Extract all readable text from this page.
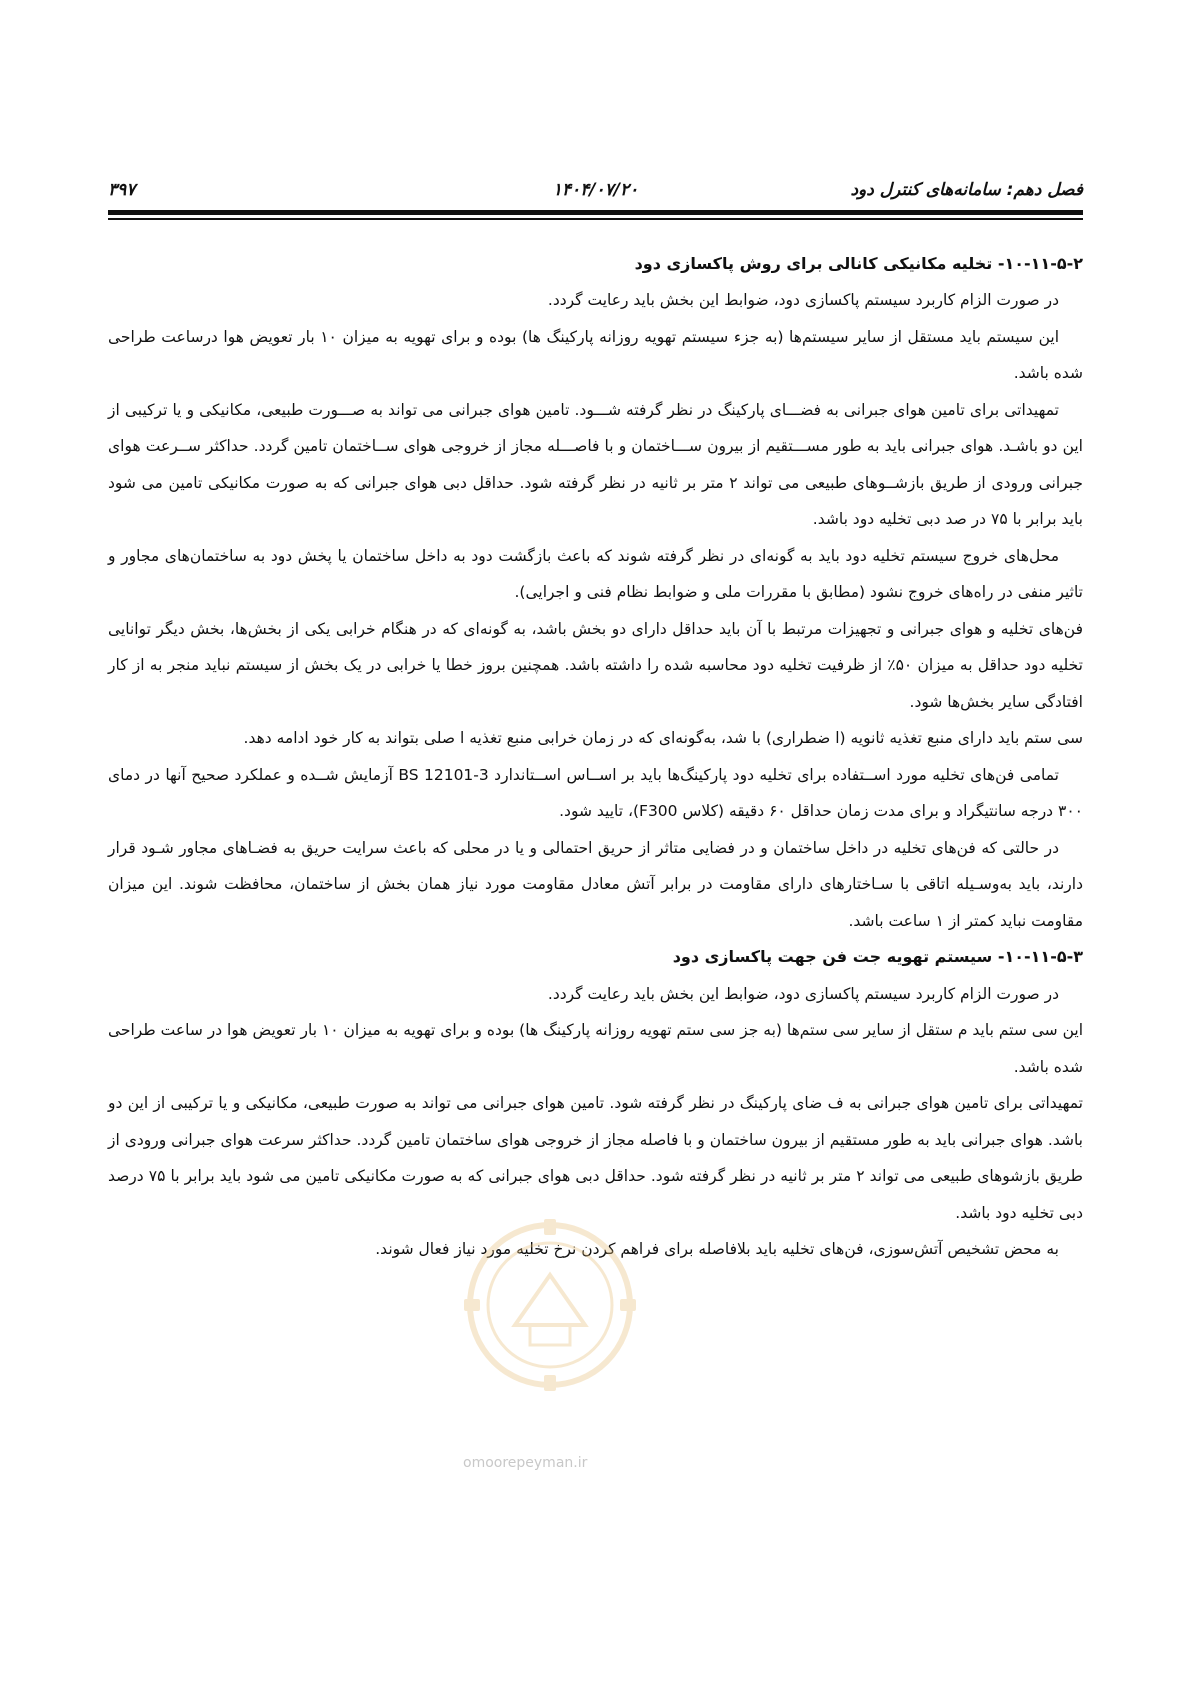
فصل دهم: سامانه‌های کنترل دود
۱۴۰۴/۰۷/۲۰
۳۹۷

۱۰-۱۱-۵-۲- تخلیه مکانیکی کانالی برای روش پاکسازی دود

در صورت الزام کاربرد سیستم پاکسازی دود، ضوابط این بخش باید رعایت گردد.

این سیستم باید مستقل از سایر سیستم‌ها (به جزء سیستم تهویه روزانه پارکینگ ها) بوده و برای تهویه به میزان ۱۰ بار تعویض هوا درساعت طراحی شده باشد.

تمهیداتی برای تامین هوای جبرانی به فضـــای پارکینگ در نظر گرفته شـــود. تامین هوای جبرانی می تواند به صـــورت طبیعی، مکانیکی و یا ترکیبی از این دو باشـد. هوای جبرانی باید به طور مســـتقیم از بیرون ســـاختمان و با فاصـــله مجاز از خروجی هوای ســاختمان تامین گردد. حداکثر ســرعت هوای جبرانی ورودی از طریق بازشــوهای طبیعی می تواند ۲ متر بر ثانیه در نظر گرفته شود. حداقل دبی هوای جبرانی که به صورت مکانیکی تامین می شود باید برابر با ۷۵ در صد دبی تخلیه دود باشد.

محل‌های خروج سیستم تخلیه دود باید به گونه‌ای در نظر گرفته شوند که باعث بازگشت دود به داخل ساختمان یا پخش دود به ساختمان‌های مجاور و تاثیر منفی در راه‌های خروج نشود (مطابق با مقررات ملی و ضوابط نظام فنی و اجرایی).

فن‌های تخلیه و هوای جبرانی و تجهیزات مرتبط با آن باید حداقل دارای دو بخش باشد، به گونه‌ای که در هنگام خرابی یکی از بخش‌ها، بخش دیگر توانایی تخلیه دود حداقل به میزان ۵۰٪ از ظرفیت تخلیه دود محاسبه شده را داشته باشد. همچنین بروز خطا یا خرابی در یک بخش از سیستم نباید منجر به از کار افتادگی سایر بخش‌ها شود.

سی ستم باید دارای منبع تغذیه ثانویه (ا ضطراری) با شد، به‌گونه‌ای که در زمان خرابی منبع تغذیه ا صلی بتواند به کار خود ادامه دهد.

تمامی فن‌های تخلیه مورد اســتفاده برای تخلیه دود پارکینگ‌ها باید بر اســاس اســتاندارد BS 12101-3 آزمایش شــده و عملکرد صحیح آنها در دمای ۳۰۰ درجه سانتیگراد و برای مدت زمان حداقل ۶۰ دقیقه (کلاس F300)، تایید شود.

در حالتی که فن‌های تخلیه در داخل ساختمان و در فضایی متاثر از حریق احتمالی و یا در محلی که باعث سرایت حریق به فضـاهای مجاور شـود قرار دارند، باید به‌وسـیله اتاقی با سـاختارهای دارای مقاومت در برابر آتش معادل مقاومت مورد نیاز همان بخش از ساختمان، محافظت شوند. این میزان مقاومت نباید کمتر از ۱ ساعت باشد.

۱۰-۱۱-۵-۳- سیستم تهویه جت فن جهت پاکسازی دود

در صورت الزام کاربرد سیستم پاکسازی دود، ضوابط این بخش باید رعایت گردد.

این سی ستم باید م ستقل از سایر سی ستم‌ها (به جز سی ستم تهویه روزانه پارکینگ ها) بوده و برای تهویه به میزان ۱۰ بار تعویض هوا در ساعت طراحی شده باشد.

تمهیداتی برای تامین هوای جبرانی به ف ضای پارکینگ در نظر گرفته شود. تامین هوای جبرانی می تواند به صورت طبیعی، مکانیکی و یا ترکیبی از این دو باشد. هوای جبرانی باید به طور مستقیم از بیرون ساختمان و با فاصله مجاز از خروجی هوای ساختمان تامین گردد. حداکثر سرعت هوای جبرانی ورودی از طریق بازشوهای طبیعی می تواند ۲ متر بر ثانیه در نظر گرفته شود. حداقل دبی هوای جبرانی که به صورت مکانیکی تامین می شود باید برابر با ۷۵ درصد دبی تخلیه دود باشد.

به محض تشخیص آتش‌سوزی، فن‌های تخلیه باید بلافاصله برای فراهم کردن نرخ تخلیه مورد نیاز فعال شوند.

omoorepeyman.ir
